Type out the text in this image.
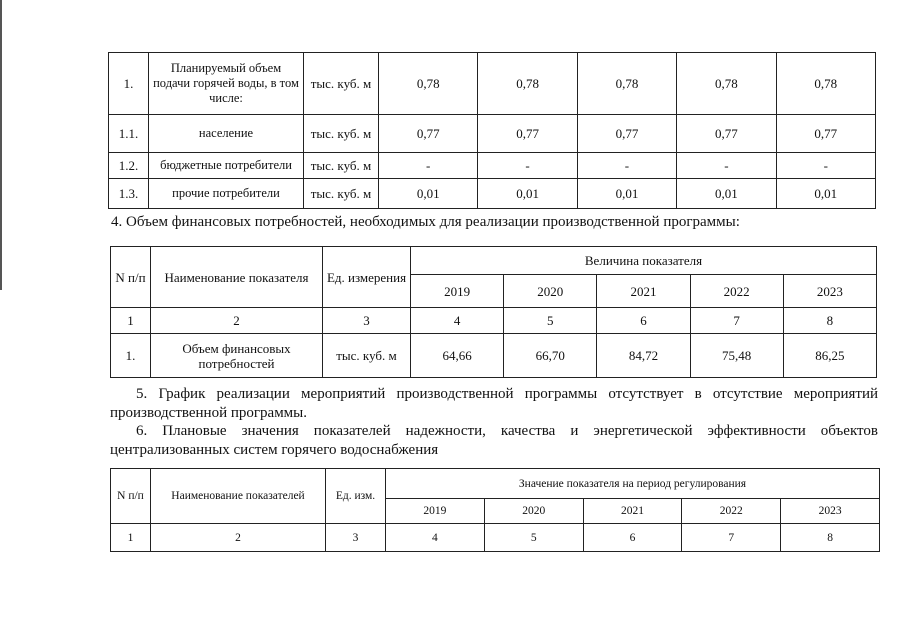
1.	Планируемый объем подачи горячей воды, в том числе:	тыс. куб. м	0,78	0,78	0,78	0,78	0,78
1.1.	население	тыс. куб. м	0,77	0,77	0,77	0,77	0,77
1.2.	бюджетные потребители	тыс. куб. м	-	-	-	-	-
1.3.	прочие потребители	тыс. куб. м	0,01	0,01	0,01	0,01	0,01
4. Объем финансовых потребностей, необходимых для реализации производственной программы:
N п/п	Наименование показателя	Ед. измерения	Величина показателя				
			2019	2020	2021	2022	2023
1	2	3	4	5	6	7	8
1.	Объем финансовых потребностей	тыс. куб. м	64,66	66,70	84,72	75,48	86,25
5. График реализации мероприятий производственной программы отсутствует в отсутствие мероприятий производственной программы.
6. Плановые значения показателей надежности, качества и энергетической эффективности объектов централизованных систем горячего водоснабжения
N п/п	Наименование показателей	Ед. изм.	Значение показателя на период регулирования				
			2019	2020	2021	2022	2023
1	2	3	4	5	6	7	8
